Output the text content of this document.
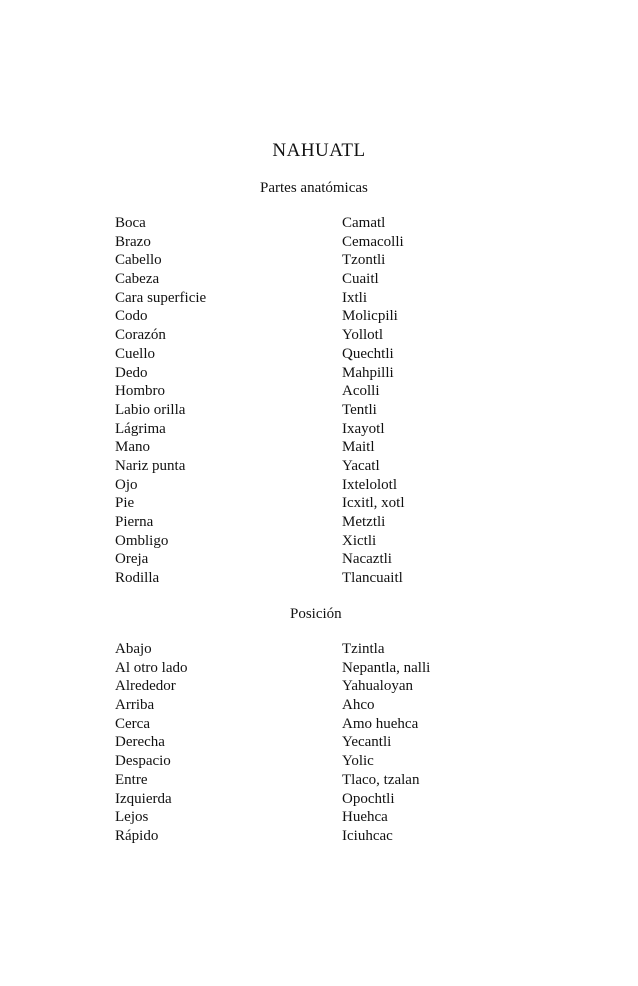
NAHUATL
Partes anatómicas
Boca	Camatl
Brazo	Cemacolli
Cabello	Tzontli
Cabeza	Cuaitl
Cara superficie	Ixtli
Codo	Molicpili
Corazón	Yollotl
Cuello	Quechtli
Dedo	Mahpilli
Hombro	Acolli
Labio orilla	Tentli
Lágrima	Ixayotl
Mano	Maitl
Nariz punta	Yacatl
Ojo	Ixtelolotl
Pie	Icxitl, xotl
Pierna	Metztli
Ombligo	Xictli
Oreja	Nacaztli
Rodilla	Tlancuaitl
Posición
Abajo	Tzintla
Al otro lado	Nepantla, nalli
Alrededor	Yahualoyan
Arriba	Ahco
Cerca	Amo huehca
Derecha	Yecantli
Despacio	Yolic
Entre	Tlaco, tzalan
Izquierda	Opochtli
Lejos	Huehca
Rápido	Iciuhcac
